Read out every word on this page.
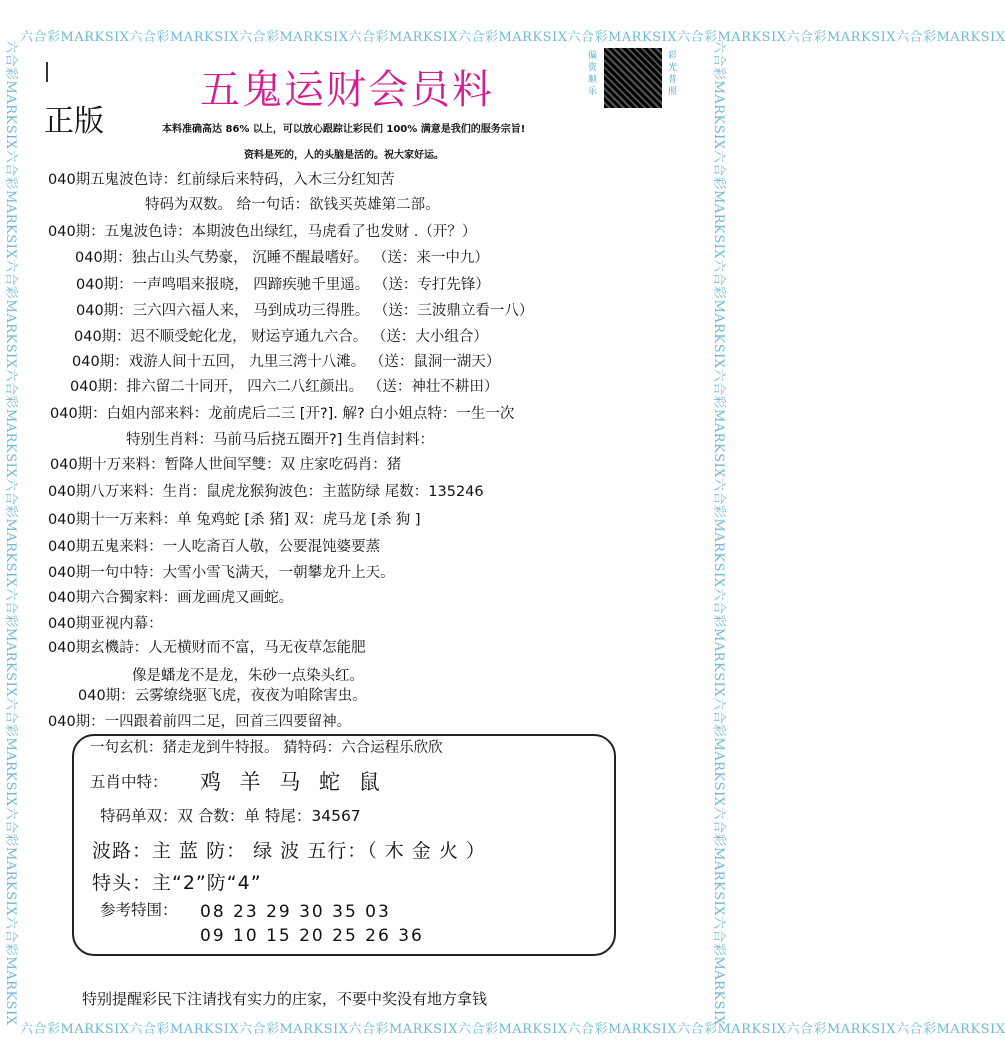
六合彩MARKSIX六合彩MARKSIX六合彩MARKSIX六合彩MARKSIX六合彩MARKSIX六合彩MARKSIX六合彩MARKSIX六合彩MARKSIX六合彩MARKSIX
六合彩MARKSIX六合彩MARKSIX六合彩MARKSIX六合彩MARKSIX六合彩MARKSIX六合彩MARKSIX六合彩MARKSIX六合彩MARKSIX六合彩MARKSIX
六合彩MARKSIX六合彩MARKSIX六合彩MARKSIX六合彩MARKSIX六合彩MARKSIX六合彩MARKSIX六合彩MARKSIX六合彩MARKSIX六合彩MARKSIX	六合彩MARKSIX六合彩MARKSIX六合彩MARKSIX六合彩MARKSIX六合彩MARKSIX六合彩MARKSIX六合彩MARKSIX六合彩MARKSIX六合彩MARKSIX
正版
五鬼运财会员料
偏资顺乐
彩光普照
本料准确高达 86% 以上，可以放心跟踪让彩民们 100% 满意是我们的服务宗旨!
资料是死的，人的头脑是活的。祝大家好运。
040期五鬼波色诗：红前绿后来特码，入木三分红知苦
特码为双数。 给一句话：欲钱买英雄第二部。
040期：五鬼波色诗：本期波色出绿红，马虎看了也发财 .（开？）
040期：独占山头气势豪， 沉睡不醒最嗜好。 （送：来一中九）
040期：一声鸣唱来报晓， 四蹄疾驰千里遥。 （送：专打先锋）
040期：三六四六福人来， 马到成功三得胜。 （送：三波鼎立看一八）
040期：迟不顺受蛇化龙， 财运亨通九六合。 （送：大小组合）
040期：戏游人间十五回， 九里三湾十八滩。 （送：鼠洞一湖天）
040期：排六留二十同开， 四六二八红颜出。 （送：神壮不耕田）
040期：白姐内部来料：龙前虎后二三 [开?]. 解? 白小姐点特：一生一次
特别生肖料：马前马后挠五圈开?] 生肖信封料：
040期十万来料：暂降人世间罕雙：双 庄家吃码肖：猪
040期八万来料：生肖：鼠虎龙猴狗波色：主蓝防绿 尾数：135246
040期十一万来料：单 兔鸡蛇 [杀 猪] 双：虎马龙 [杀 狗 ]
040期五鬼来料：一人吃斋百人敬，公要混饨婆要蒸
040期一句中特：大雪小雪飞满天，一朝攀龙升上天。
040期六合獨家料：画龙画虎又画蛇。
040期亚视内幕：
040期玄機詩：人无横财而不富，马无夜草怎能肥
像是蟠龙不是龙，朱砂一点染头红。
040期：云雾缭绕驱飞虎，夜夜为咱除害虫。
040期：一四跟着前四二足，回首三四要留神。
一句玄机：猪走龙到牛特报。 猜特码：六合运程乐欣欣
五肖中特： 鸡 羊 马 蛇 鼠
特码单双：双 合数：单 特尾：34567
波路：主 蓝 防： 绿 波 五行：（ 木 金 火 ）
特头：主“2”防“4”
参考特围： 08 23 29 30 35 03
09 10 15 20 25 26 36
特别提醒彩民下注请找有实力的庄家，不要中奖没有地方拿钱
